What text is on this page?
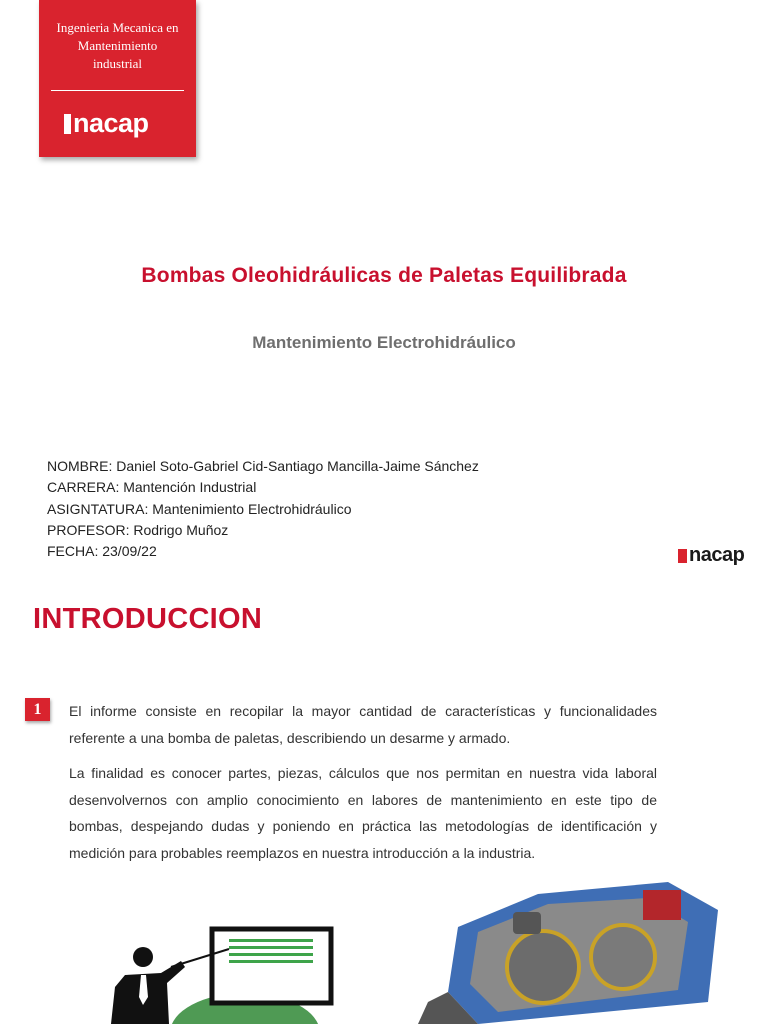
Ingenieria Mecanica en
Mantenimiento
industrial
nacap
Bombas Oleohidráulicas de Paletas Equilibrada
Mantenimiento Electrohidráulico
NOMBRE: Daniel Soto-Gabriel Cid-Santiago Mancilla-Jaime Sánchez
CARRERA: Mantención Industrial
ASIGNTATURA: Mantenimiento Electrohidráulico
PROFESOR: Rodrigo Muñoz
FECHA: 23/09/22	nacap
INTRODUCCION
1	El informe consiste en recopilar la mayor cantidad de características y funcionalidades referente a una bomba de paletas, describiendo un desarme y armado.
La finalidad es conocer partes, piezas, cálculos que nos permitan en nuestra vida laboral desenvolvernos con amplio conocimiento en labores de mantenimiento en este tipo de bombas, despejando dudas y poniendo en práctica las metodologías de identificación y medición para probables reemplazos en nuestra introducción a la industria.
